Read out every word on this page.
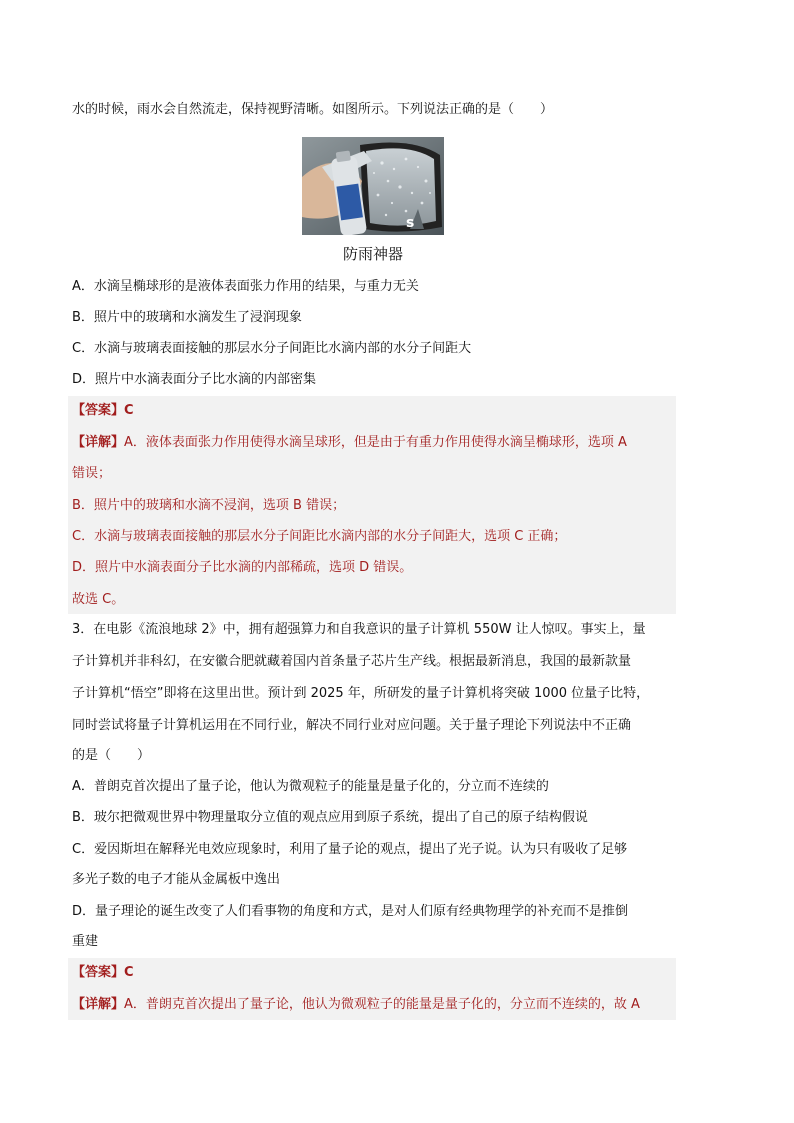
水的时候，雨水会自然流走，保持视野清晰。如图所示。下列说法正确的是（　　）
s
防雨神器
A．水滴呈椭球形的是液体表面张力作用的结果，与重力无关
B．照片中的玻璃和水滴发生了浸润现象
C．水滴与玻璃表面接触的那层水分子间距比水滴内部的水分子间距大
D．照片中水滴表面分子比水滴的内部密集
【答案】C
【详解】A．液体表面张力作用使得水滴呈球形，但是由于有重力作用使得水滴呈椭球形，选项 A
错误；
B．照片中的玻璃和水滴不浸润，选项 B 错误；
C．水滴与玻璃表面接触的那层水分子间距比水滴内部的水分子间距大，选项 C 正确；
D．照片中水滴表面分子比水滴的内部稀疏，选项 D 错误。
故选 C。
3．在电影《流浪地球 2》中，拥有超强算力和自我意识的量子计算机 550W 让人惊叹。事实上，量
子计算机并非科幻，在安徽合肥就藏着国内首条量子芯片生产线。根据最新消息，我国的最新款量
子计算机“悟空”即将在这里出世。预计到 2025 年，所研发的量子计算机将突破 1000 位量子比特，
同时尝试将量子计算机运用在不同行业，解决不同行业对应问题。关于量子理论下列说法中不正确
的是（　　）
A．普朗克首次提出了量子论，他认为微观粒子的能量是量子化的，分立而不连续的
B．玻尔把微观世界中物理量取分立值的观点应用到原子系统，提出了自己的原子结构假说
C．爱因斯坦在解释光电效应现象时，利用了量子论的观点，提出了光子说。认为只有吸收了足够
多光子数的电子才能从金属板中逸出
D．量子理论的诞生改变了人们看事物的角度和方式，是对人们原有经典物理学的补充而不是推倒
重建
【答案】C
【详解】A．普朗克首次提出了量子论，他认为微观粒子的能量是量子化的，分立而不连续的，故 A
